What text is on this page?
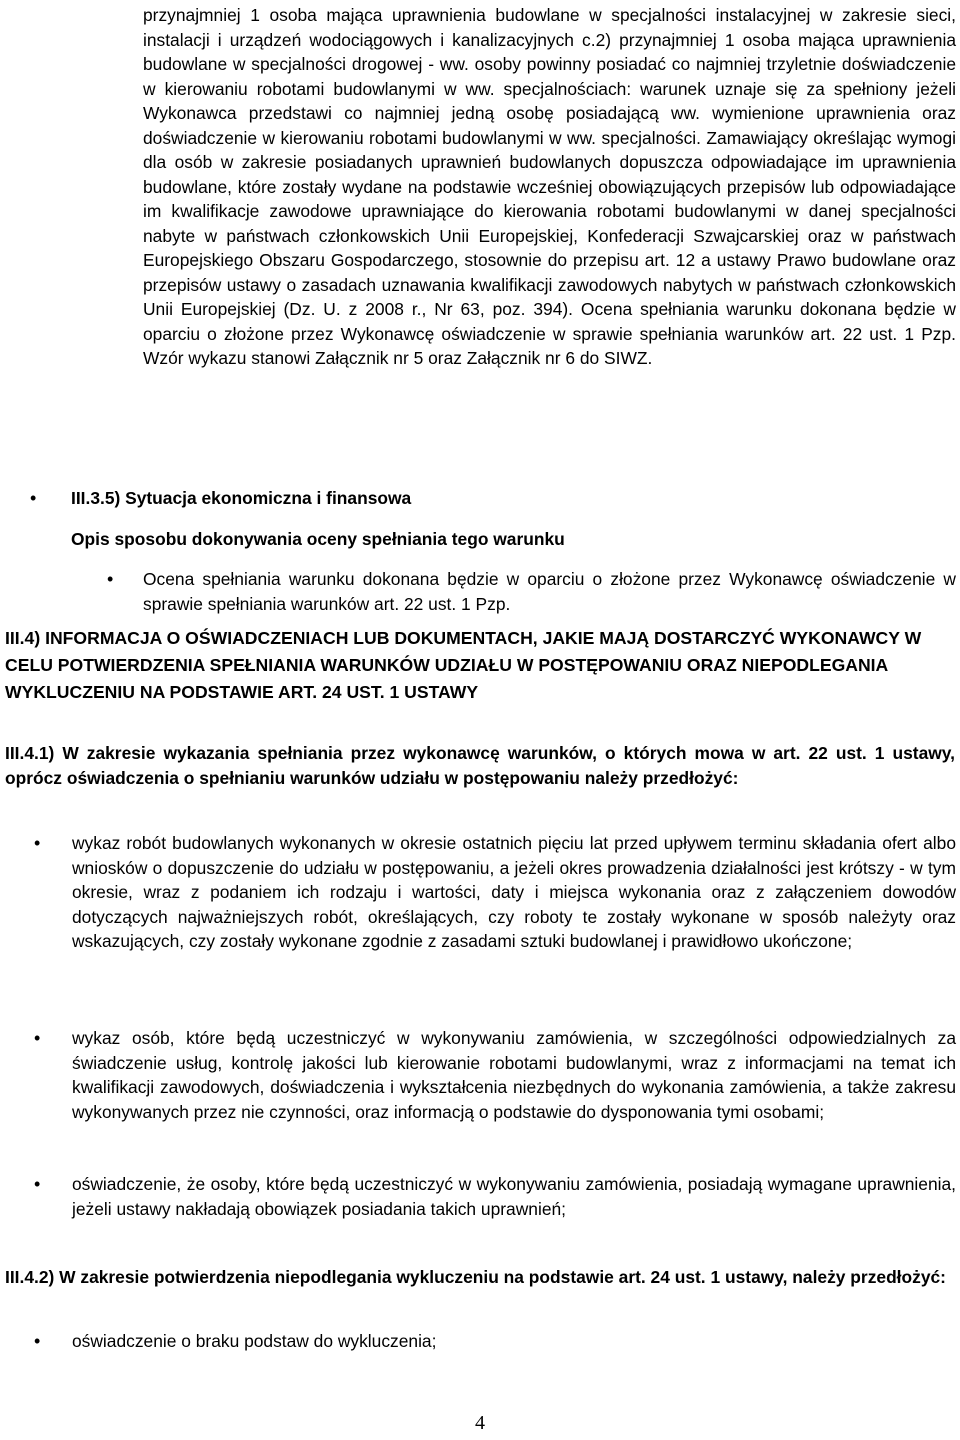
przynajmniej 1 osoba mająca uprawnienia budowlane w specjalności instalacyjnej w zakresie sieci, instalacji i urządzeń wodociągowych i kanalizacyjnych c.2) przynajmniej 1 osoba mająca uprawnienia budowlane w specjalności drogowej - ww. osoby powinny posiadać co najmniej trzyletnie doświadczenie w kierowaniu robotami budowlanymi w ww. specjalnościach: warunek uznaje się za spełniony jeżeli Wykonawca przedstawi co najmniej jedną osobę posiadającą ww. wymienione uprawnienia oraz doświadczenie w kierowaniu robotami budowlanymi w ww. specjalności. Zamawiający określając wymogi dla osób w zakresie posiadanych uprawnień budowlanych dopuszcza odpowiadające im uprawnienia budowlane, które zostały wydane na podstawie wcześniej obowiązujących przepisów lub odpowiadające im kwalifikacje zawodowe uprawniające do kierowania robotami budowlanymi w danej specjalności nabyte w państwach członkowskich Unii Europejskiej, Konfederacji Szwajcarskiej oraz w państwach Europejskiego Obszaru Gospodarczego, stosownie do przepisu art. 12 a ustawy Prawo budowlane oraz przepisów ustawy o zasadach uznawania kwalifikacji zawodowych nabytych w państwach członkowskich Unii Europejskiej (Dz. U. z 2008 r., Nr 63, poz. 394). Ocena spełniania warunku dokonana będzie w oparciu o złożone przez Wykonawcę oświadczenie w sprawie spełniania warunków art. 22 ust. 1 Pzp. Wzór wykazu stanowi Załącznik nr 5 oraz Załącznik nr 6 do SIWZ.

• III.3.5) Sytuacja ekonomiczna i finansowa

Opis sposobu dokonywania oceny spełniania tego warunku

• Ocena spełniania warunku dokonana będzie w oparciu o złożone przez Wykonawcę oświadczenie w sprawie spełniania warunków art. 22 ust. 1 Pzp.

III.4) INFORMACJA O OŚWIADCZENIACH LUB DOKUMENTACH, JAKIE MAJĄ DOSTARCZYĆ WYKONAWCY W CELU POTWIERDZENIA SPEŁNIANIA WARUNKÓW UDZIAŁU W POSTĘPOWANIU ORAZ NIEPODLEGANIA WYKLUCZENIU NA PODSTAWIE ART. 24 UST. 1 USTAWY

III.4.1) W zakresie wykazania spełniania przez wykonawcę warunków, o których mowa w art. 22 ust. 1 ustawy, oprócz oświadczenia o spełnianiu warunków udziału w postępowaniu należy przedłożyć:

• wykaz robót budowlanych wykonanych w okresie ostatnich pięciu lat przed upływem terminu składania ofert albo wniosków o dopuszczenie do udziału w postępowaniu, a jeżeli okres prowadzenia działalności jest krótszy - w tym okresie, wraz z podaniem ich rodzaju i wartości, daty i miejsca wykonania oraz z załączeniem dowodów dotyczących najważniejszych robót, określających, czy roboty te zostały wykonane w sposób należyty oraz wskazujących, czy zostały wykonane zgodnie z zasadami sztuki budowlanej i prawidłowo ukończone;

• wykaz osób, które będą uczestniczyć w wykonywaniu zamówienia, w szczególności odpowiedzialnych za świadczenie usług, kontrolę jakości lub kierowanie robotami budowlanymi, wraz z informacjami na temat ich kwalifikacji zawodowych, doświadczenia i wykształcenia niezbędnych do wykonania zamówienia, a także zakresu wykonywanych przez nie czynności, oraz informacją o podstawie do dysponowania tymi osobami;

• oświadczenie, że osoby, które będą uczestniczyć w wykonywaniu zamówienia, posiadają wymagane uprawnienia, jeżeli ustawy nakładają obowiązek posiadania takich uprawnień;

III.4.2) W zakresie potwierdzenia niepodlegania wykluczeniu na podstawie art. 24 ust. 1 ustawy, należy przedłożyć:

• oświadczenie o braku podstaw do wykluczenia;

4
